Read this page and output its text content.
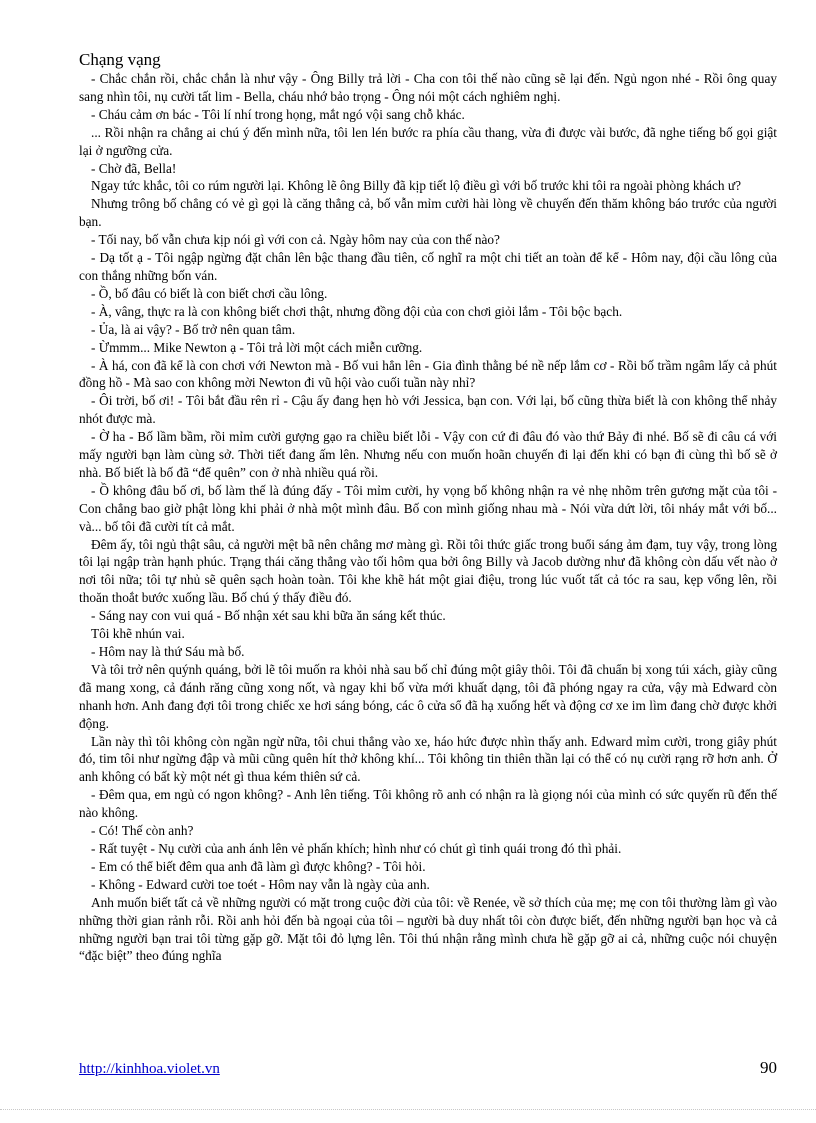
Chạng vạng

- Chắc chắn rồi, chắc chắn là như vậy - Ông Billy trả lời - Cha con tôi thế nào cũng sẽ lại đến. Ngủ ngon nhé - Rồi ông quay sang nhìn tôi, nụ cười tất lim - Bella, cháu nhớ bảo trọng - Ông nói một cách nghiêm nghị.

- Cháu cảm ơn bác - Tôi lí nhí trong họng, mắt ngó vội sang chỗ khác.

... Rồi nhận ra chẳng ai chú ý đến mình nữa, tôi len lén bước ra phía cầu thang, vừa đi được vài bước, đã nghe tiếng bố gọi giật lại ở ngưỡng cửa.

- Chờ đã, Bella!

Ngay tức khắc, tôi co rúm người lại. Không lẽ ông Billy đã kịp tiết lộ điều gì với bố trước khi tôi ra ngoài phòng khách ư?

Nhưng trông bố chẳng có vẻ gì gọi là căng thẳng cả, bố vẫn mỉm cười hài lòng về chuyến đến thăm không báo trước của người bạn.

- Tối nay, bố vẫn chưa kịp nói gì với con cả. Ngày hôm nay của con thế nào?

- Dạ tốt ạ - Tôi ngập ngừng đặt chân lên bậc thang đầu tiên, cố nghĩ ra một chi tiết an toàn để kể - Hôm nay, đội cầu lông của con thắng những bốn ván.

- Ồ, bố đâu có biết là con biết chơi cầu lông.

- À, vâng, thực ra là con không biết chơi thật, nhưng đồng đội của con chơi giỏi lắm - Tôi bộc bạch.

- Ủa, là ai vậy? - Bố trở nên quan tâm.

- Ừmmm... Mike Newton ạ - Tôi trả lời một cách miễn cưỡng.

- À há, con đã kể là con chơi với Newton mà - Bố vui hẳn lên - Gia đình thằng bé nề nếp lắm cơ - Rồi bố trầm ngâm lấy cả phút đồng hồ - Mà sao con không mời Newton đi vũ hội vào cuối tuần này nhỉ?

- Ôi trời, bố ơi! - Tôi bắt đầu rên rỉ - Cậu ấy đang hẹn hò với Jessica, bạn con. Với lại, bố cũng thừa biết là con không thể nhảy nhót được mà.

- Ờ ha - Bố lầm bầm, rồi mỉm cười gượng gạo ra chiều biết lỗi - Vậy con cứ đi đâu đó vào thứ Bảy đi nhé. Bố sẽ đi câu cá với mấy người bạn làm cùng sở. Thời tiết đang ấm lên. Nhưng nếu con muốn hoãn chuyến đi lại đến khi có bạn đi cùng thì bố sẽ ở nhà. Bố biết là bố đã “để quên” con ở nhà nhiều quá rồi.

- Ồ không đâu bố ơi, bố làm thế là đúng đấy - Tôi mỉm cười, hy vọng bố không nhận ra vẻ nhẹ nhõm trên gương mặt của tôi - Con chẳng bao giờ phật lòng khi phải ở nhà một mình đâu. Bố con mình giống nhau mà - Nói vừa dứt lời, tôi nháy mắt với bố... và... bố tôi đã cười tít cả mắt.

Đêm ấy, tôi ngủ thật sâu, cả người mệt bã nên chẳng mơ màng gì. Rồi tôi thức giấc trong buổi sáng ảm đạm, tuy vậy, trong lòng tôi lại ngập tràn hạnh phúc. Trạng thái căng thẳng vào tối hôm qua bởi ông Billy và Jacob dường như đã không còn dấu vết nào ở nơi tôi nữa; tôi tự nhủ sẽ quên sạch hoàn toàn. Tôi khe khẽ hát một giai điệu, trong lúc vuốt tất cả tóc ra sau, kẹp vổng lên, rồi thoăn thoắt bước xuống lầu. Bố chú ý thấy điều đó.

- Sáng nay con vui quá - Bố nhận xét sau khi bữa ăn sáng kết thúc.

Tôi khẽ nhún vai.

- Hôm nay là thứ Sáu mà bố.

Và tôi trở nên quýnh quáng, bởi lẽ tôi muốn ra khỏi nhà sau bố chỉ đúng một giây thôi. Tôi đã chuẩn bị xong túi xách, giày cũng đã mang xong, cả đánh răng cũng xong nốt, và ngay khi bố vừa mới khuất dạng, tôi đã phóng ngay ra cửa, vậy mà Edward còn nhanh hơn. Anh đang đợi tôi trong chiếc xe hơi sáng bóng, các ô cửa sổ đã hạ xuống hết và động cơ xe im lìm đang chờ được khởi động.

Lần này thì tôi không còn ngần ngừ nữa, tôi chui thẳng vào xe, háo hức được nhìn thấy anh. Edward mỉm cười, trong giây phút đó, tim tôi như ngừng đập và mũi cũng quên hít thở không khí... Tôi không tin thiên thần lại có thể có nụ cười rạng rỡ hơn anh. Ở anh không có bất kỳ một nét gì thua kém thiên sứ cả.

- Đêm qua, em ngủ có ngon không? - Anh lên tiếng. Tôi không rõ anh có nhận ra là giọng nói của mình có sức quyến rũ đến thế nào không.

- Có! Thế còn anh?

- Rất tuyệt - Nụ cười của anh ánh lên vẻ phấn khích; hình như có chút gì tinh quái trong đó thì phải.

- Em có thể biết đêm qua anh đã làm gì được không? - Tôi hỏi.

- Không - Edward cười toe toét - Hôm nay vẫn là ngày của anh.

Anh muốn biết tất cả về những người có mặt trong cuộc đời của tôi: về Renée, về sở thích của mẹ; mẹ con tôi thường làm gì vào những thời gian rảnh rỗi. Rồi anh hỏi đến bà ngoại của tôi – người bà duy nhất tôi còn được biết, đến những người bạn học và cả những người bạn trai tôi từng gặp gỡ. Mặt tôi đỏ lựng lên. Tôi thú nhận rằng mình chưa hề gặp gỡ ai cả, những cuộc nói chuyện “đặc biệt” theo đúng nghĩa

http://kinhhoa.violet.vn	90
